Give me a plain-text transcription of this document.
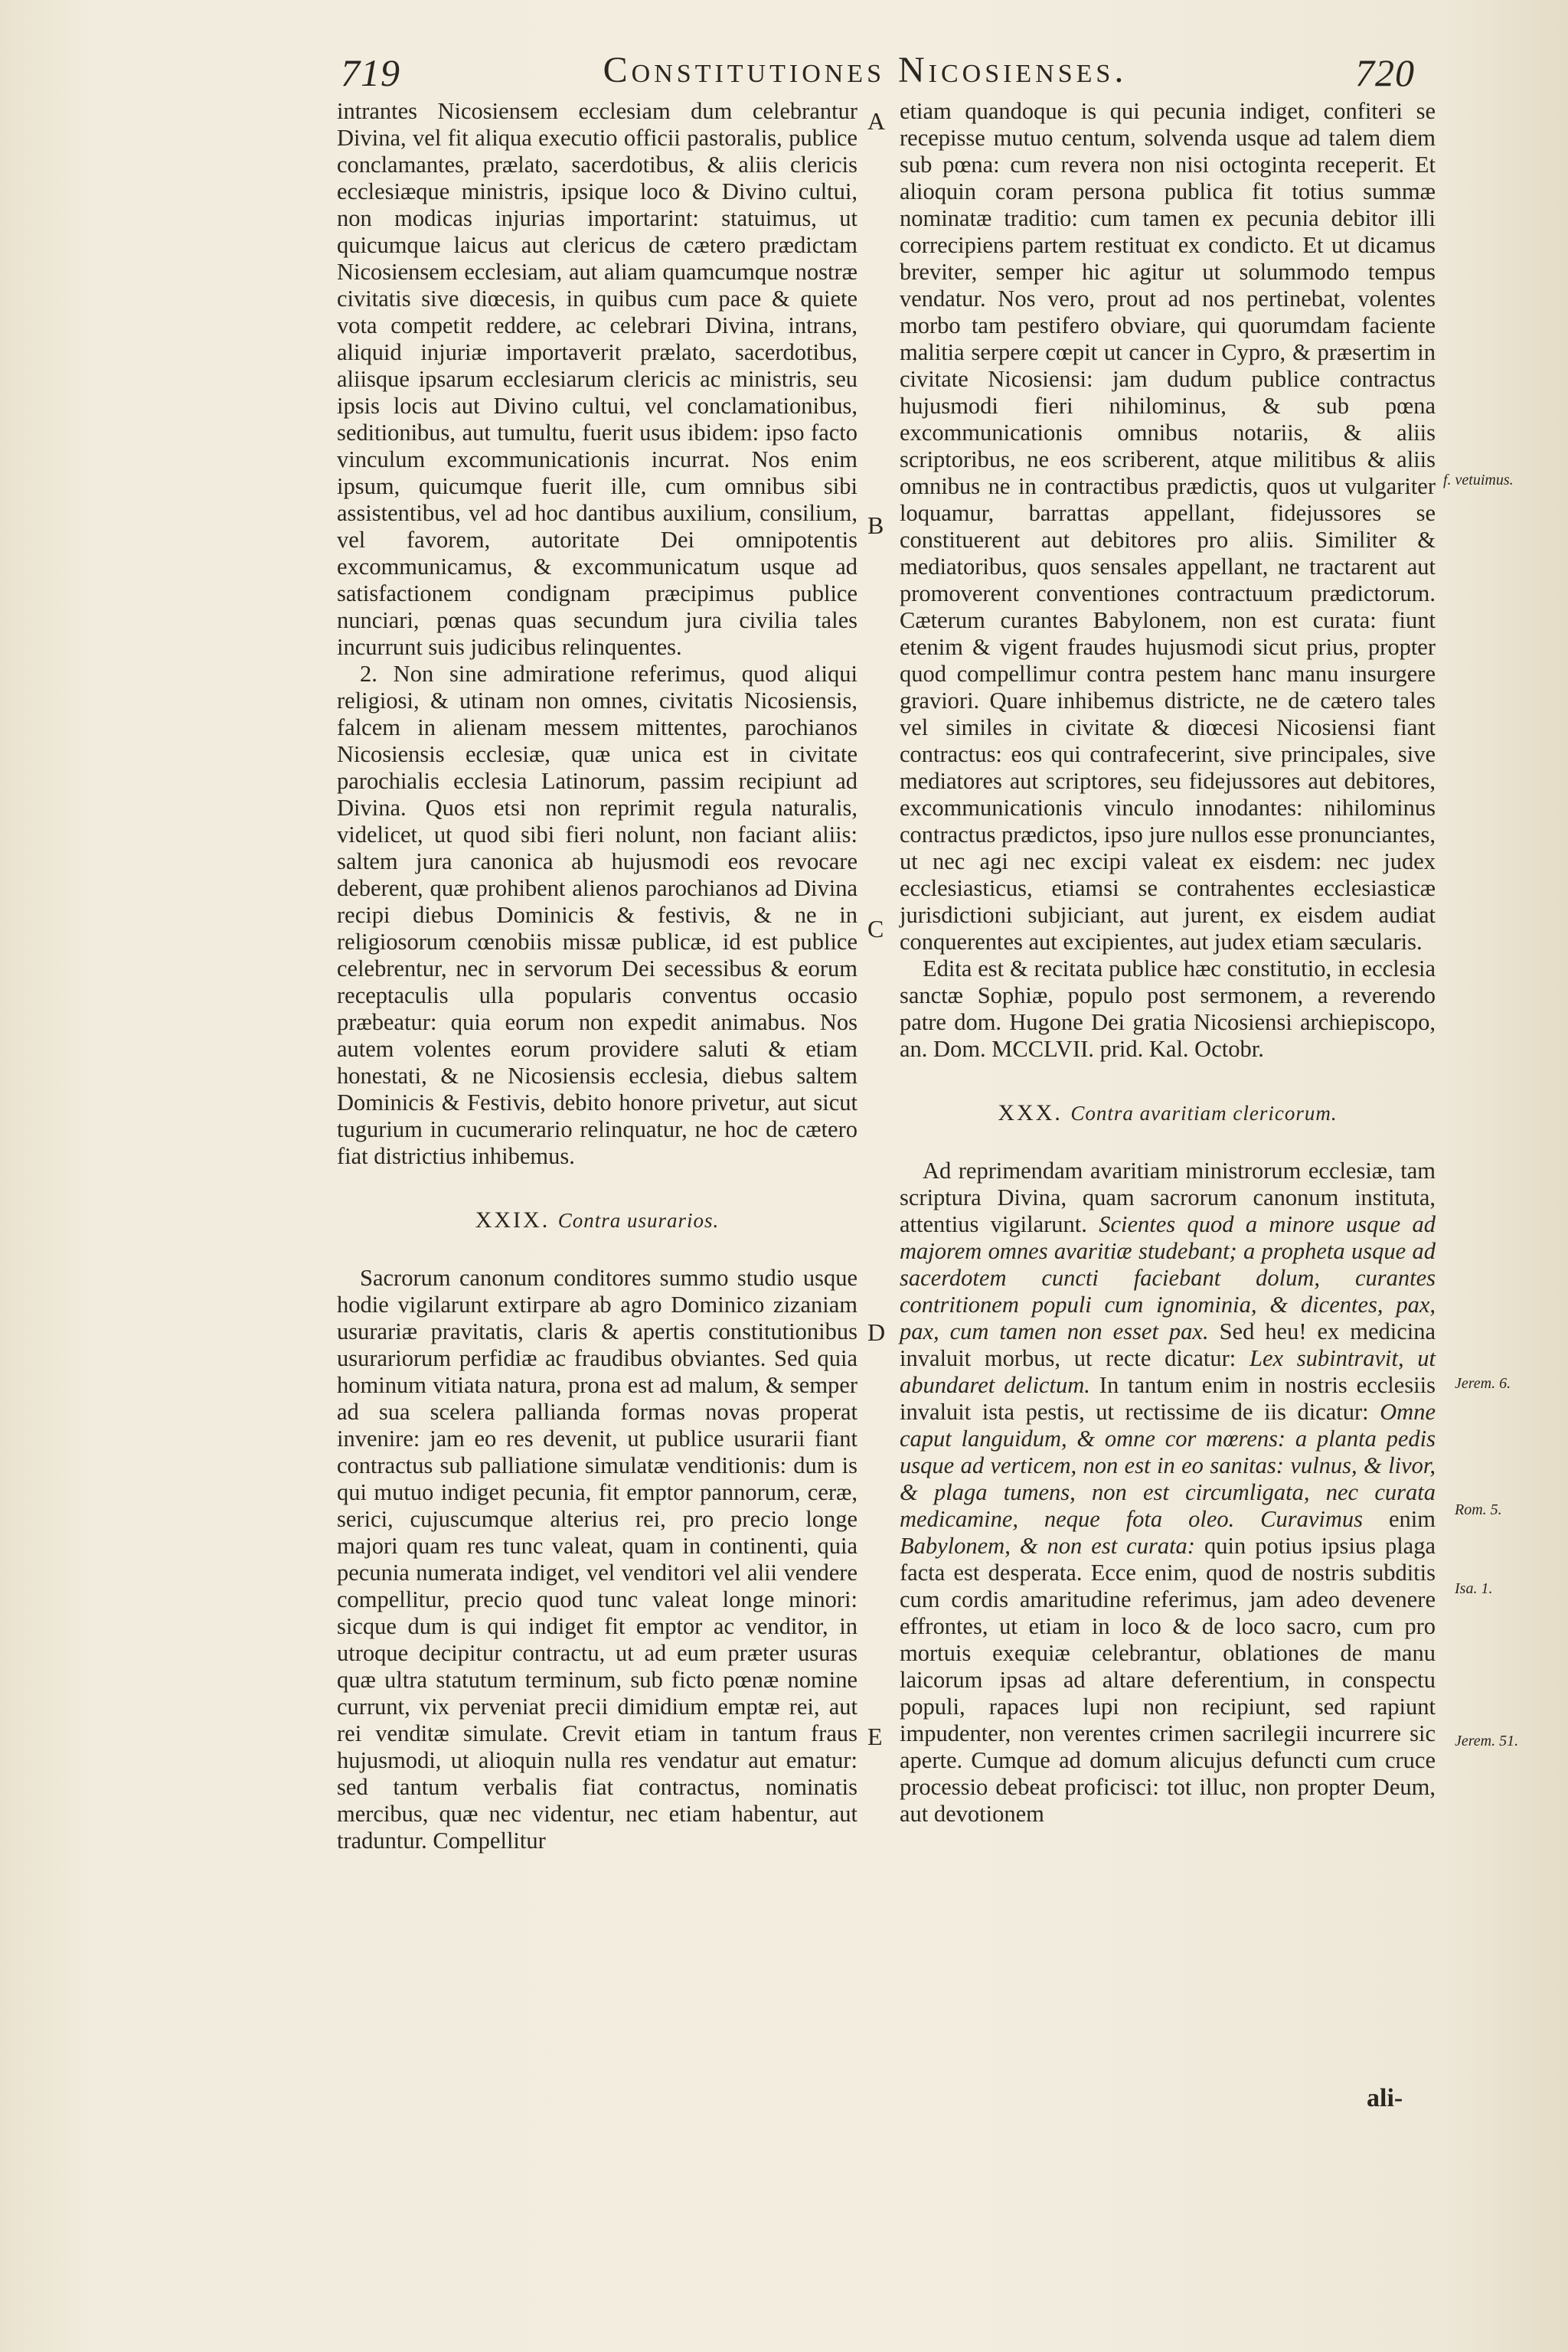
719	Constitutiones Nicosienses.	720

intrantes Nicosiensem ecclesiam dum celebrantur Divina, vel fit aliqua executio officii pastoralis, publice conclamantes, prælato, sacerdotibus, & aliis clericis ecclesiæque ministris, ipsique loco & Divino cultui, non modicas injurias importarint: statuimus, ut quicumque laicus aut clericus de cætero prædictam Nicosiensem ecclesiam, aut aliam quamcumque nostræ civitatis sive diœcesis, in quibus cum pace & quiete vota competit reddere, ac celebrari Divina, intrans, aliquid injuriæ importaverit prælato, sacerdotibus, aliisque ipsarum ecclesiarum clericis ac ministris, seu ipsis locis aut Divino cultui, vel conclamationibus, seditionibus, aut tumultu, fuerit usus ibidem: ipso facto vinculum excommunicationis incurrat. Nos enim ipsum, quicumque fuerit ille, cum omnibus sibi assistentibus, vel ad hoc dantibus auxilium, consilium, vel favorem, autoritate Dei omnipotentis excommunicamus, & excommunicatum usque ad satisfactionem condignam præcipimus publice nunciari, pœnas quas secundum jura civilia tales incurrunt suis judicibus relinquentes.

2. Non sine admiratione referimus, quod aliqui religiosi, & utinam non omnes, civitatis Nicosiensis, falcem in alienam messem mittentes, parochianos Nicosiensis ecclesiæ, quæ unica est in civitate parochialis ecclesia Latinorum, passim recipiunt ad Divina. Quos etsi non reprimit regula naturalis, videlicet, ut quod sibi fieri nolunt, non faciant aliis: saltem jura canonica ab hujusmodi eos revocare deberent, quæ prohibent alienos parochianos ad Divina recipi diebus Dominicis & festivis, & ne in religiosorum cœnobiis missæ publicæ, id est publice celebrentur, nec in servorum Dei secessibus & eorum receptaculis ulla popularis conventus occasio præbeatur: quia eorum non expedit animabus. Nos autem volentes eorum providere saluti & etiam honestati, & ne Nicosiensis ecclesia, diebus saltem Dominicis & Festivis, debito honore privetur, aut sicut tugurium in cucumerario relinquatur, ne hoc de cætero fiat districtius inhibemus.

XXIX. Contra usurarios.

Sacrorum canonum conditores summo studio usque hodie vigilarunt extirpare ab agro Dominico zizaniam usurariæ pravitatis, claris & apertis constitutionibus usurariorum perfidiæ ac fraudibus obviantes. Sed quia hominum vitiata natura, prona est ad malum, & semper ad sua scelera pallianda formas novas properat invenire: jam eo res devenit, ut publice usurarii fiant contractus sub palliatione simulatæ venditionis: dum is qui mutuo indiget pecunia, fit emptor pannorum, ceræ, serici, cujuscumque alterius rei, pro precio longe majori quam res tunc valeat, quam in continenti, quia pecunia numerata indiget, vel venditori vel alii vendere compellitur, precio quod tunc valeat longe minori: sicque dum is qui indiget fit emptor ac venditor, in utroque decipitur contractu, ut ad eum præter usuras quæ ultra statutum terminum, sub ficto pœnæ nomine currunt, vix perveniat precii dimidium emptæ rei, aut rei venditæ simulate. Crevit etiam in tantum fraus hujusmodi, ut alioquin nulla res vendatur aut ematur: sed tantum verbalis fiat contractus, nominatis mercibus, quæ nec videntur, nec etiam habentur, aut traduntur. Compellitur

etiam quandoque is qui pecunia indiget, confiteri se recepisse mutuo centum, solvenda usque ad talem diem sub pœna: cum revera non nisi octoginta receperit. Et alioquin coram persona publica fit totius summæ nominatæ traditio: cum tamen ex pecunia debitor illi correcipiens partem restituat ex condicto. Et ut dicamus breviter, semper hic agitur ut solummodo tempus vendatur. Nos vero, prout ad nos pertinebat, volentes morbo tam pestifero obviare, qui quorumdam faciente malitia serpere cœpit ut cancer in Cypro, & præsertim in civitate Nicosiensi: jam dudum publice contractus hujusmodi fieri nihilominus, & sub pœna excommunicationis omnibus notariis, & aliis scriptoribus, ne eos scriberent, atque militibus & aliis omnibus ne in contractibus prædictis, quos ut vulgariter loquamur, barrattas appellant, fidejussores se constituerent aut debitores pro aliis. Similiter & mediatoribus, quos sensales appellant, ne tractarent aut promoverent conventiones contractuum prædictorum. Cæterum curantes Babylonem, non est curata: fiunt etenim & vigent fraudes hujusmodi sicut prius, propter quod compellimur contra pestem hanc manu insurgere graviori. Quare inhibemus districte, ne de cætero tales vel similes in civitate & diœcesi Nicosiensi fiant contractus: eos qui contrafecerint, sive principales, sive mediatores aut scriptores, seu fidejussores aut debitores, excommunicationis vinculo innodantes: nihilominus contractus prædictos, ipso jure nullos esse pronunciantes, ut nec agi nec excipi valeat ex eisdem: nec judex ecclesiasticus, etiamsi se contrahentes ecclesiasticæ jurisdictioni subjiciant, aut jurent, ex eisdem audiat conquerentes aut excipientes, aut judex etiam sæcularis.

Edita est & recitata publice hæc constitutio, in ecclesia sanctæ Sophiæ, populo post sermonem, a reverendo patre dom. Hugone Dei gratia Nicosiensi archiepiscopo, an. Dom. MCCLVII. prid. Kal. Octobr.

XXX. Contra avaritiam clericorum.

Ad reprimendam avaritiam ministrorum ecclesiæ, tam scriptura Divina, quam sacrorum canonum instituta, attentius vigilarunt. Scientes quod a minore usque ad majorem omnes avaritiæ studebant; a propheta usque ad sacerdotem cuncti faciebant dolum, curantes contritionem populi cum ignominia, & dicentes, pax, pax, cum tamen non esset pax. Sed heu! ex medicina invaluit morbus, ut recte dicatur: Lex subintravit, ut abundaret delictum. In tantum enim in nostris ecclesiis invaluit ista pestis, ut rectissime de iis dicatur: Omne caput languidum, & omne cor mœrens: a planta pedis usque ad verticem, non est in eo sanitas: vulnus, & livor, & plaga tumens, non est circumligata, nec curata medicamine, neque fota oleo. Curavimus enim Babylonem, & non est curata: quin potius ipsius plaga facta est desperata. Ecce enim, quod de nostris subditis cum cordis amaritudine referimus, jam adeo devenere effrontes, ut etiam in loco & de loco sacro, cum pro mortuis exequiæ celebrantur, oblationes de manu laicorum ipsas ad altare deferentium, in conspectu populi, rapaces lupi non recipiunt, sed rapiunt impudenter, non verentes crimen sacrilegii incurrere sic aperte. Cumque ad domum alicujus defuncti cum cruce processio debeat proficisci: tot illuc, non propter Deum, aut devotionem

A
B
C
D
E
f. vetuimus.
Jerem. 6.
Rom. 5.
Isa. 1.
Jerem. 51.
ali-
